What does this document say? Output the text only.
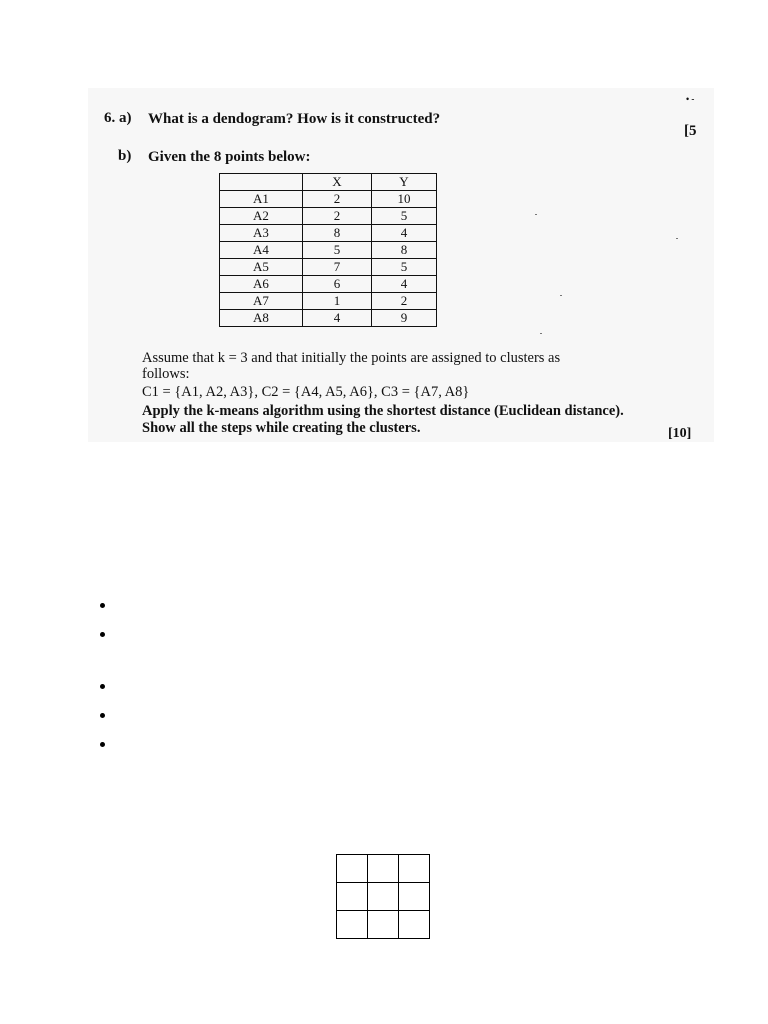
6. a) What is a dendogram? How is it constructed?
[5
• -
b) Given the 8 points below:
	X	Y
A1	2	10
A2	2	5
A3	8	4
A4	5	8
A5	7	5
A6	6	4
A7	1	2
A8	4	9
Assume that k = 3 and that initially the points are assigned to clusters as
follows:
C1 = {A1, A2, A3}, C2 = {A4, A5, A6}, C3 = {A7, A8}
Apply the k-means algorithm using the shortest distance (Euclidean distance).
Show all the steps while creating the clusters.	[10]
